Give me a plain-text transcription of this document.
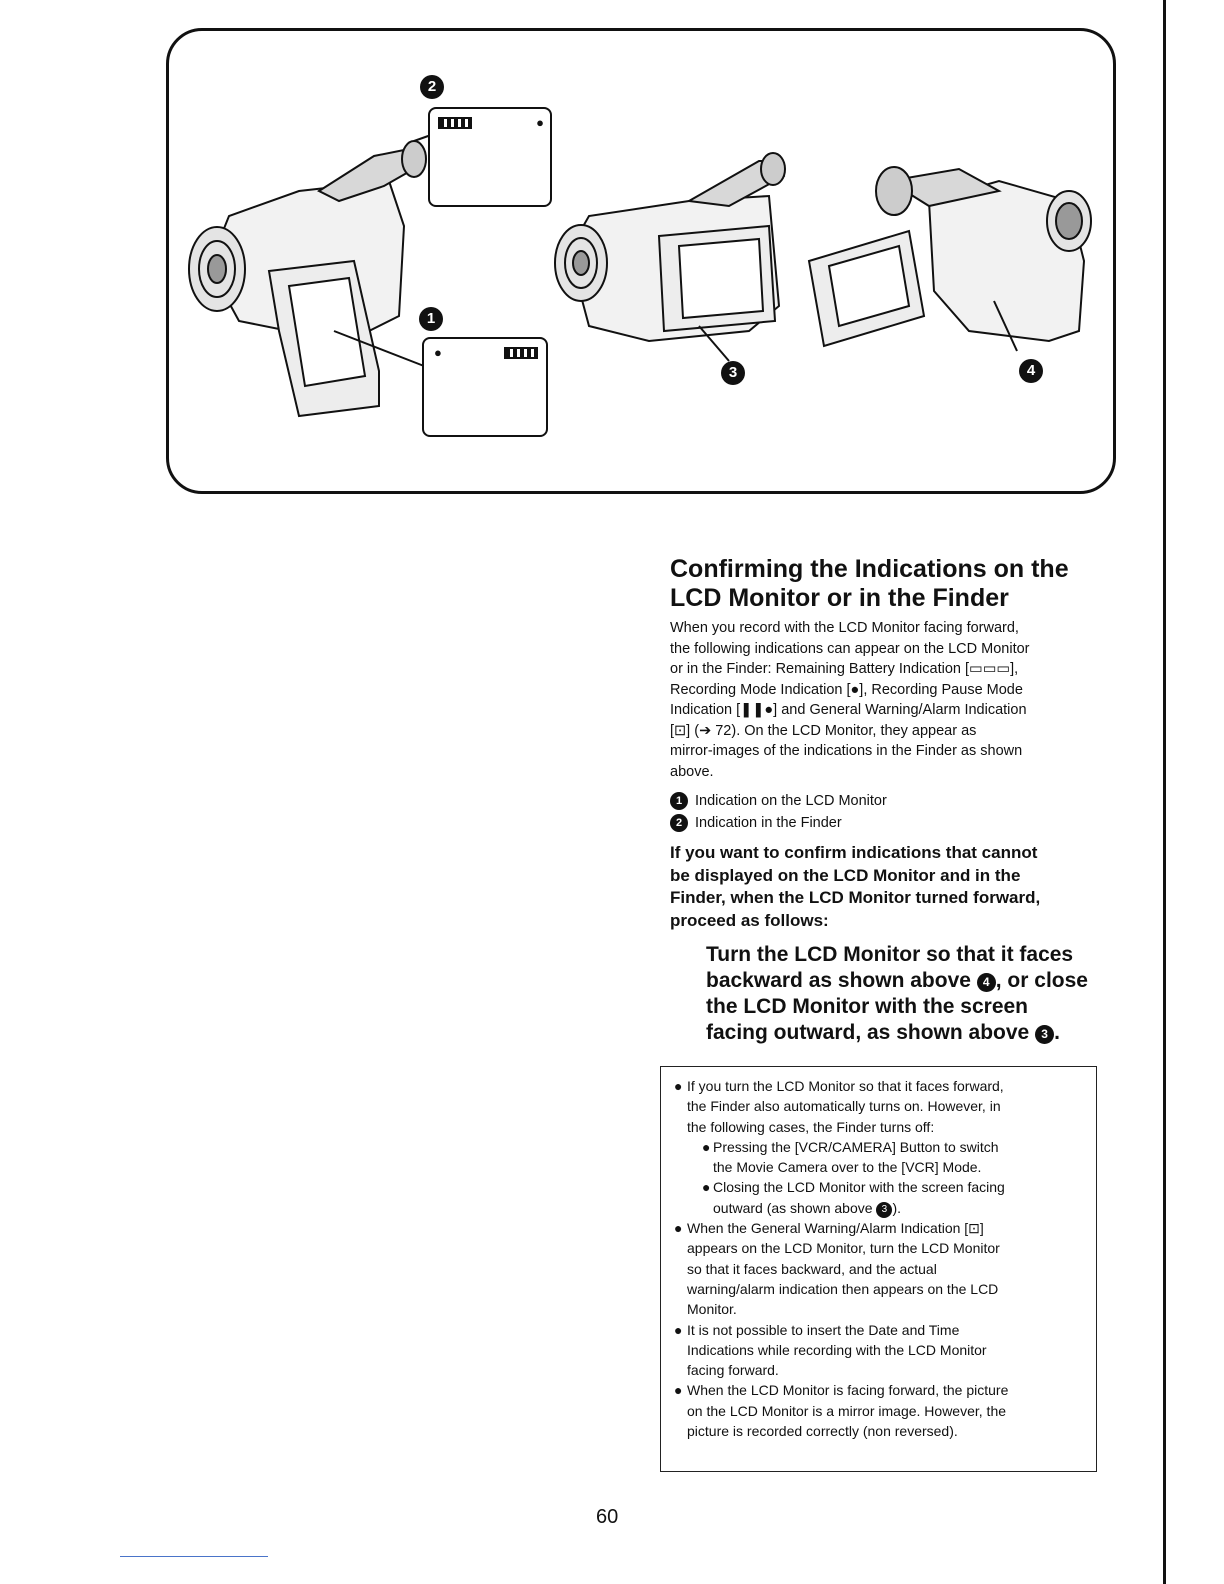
●
●
2
1
3	4
Confirming the Indications on the LCD Monitor or in the Finder
When you record with the LCD Monitor facing forward,
the following indications can appear on the LCD Monitor
or in the Finder: Remaining Battery Indication [▭▭▭],
Recording Mode Indication [●], Recording Pause Mode
Indication [❚❚●] and General Warning/Alarm Indication
[⊡] (➔ 72). On the LCD Monitor, they appear as
mirror-images of the indications in the Finder as shown
above.
1 Indication on the LCD Monitor
2 Indication in the Finder
If you want to confirm indications that cannot
be displayed on the LCD Monitor and in the
Finder, when the LCD Monitor turned forward,
proceed as follows:
Turn the LCD Monitor so that it faces
backward as shown above 4 , or close
the LCD Monitor with the screen
facing outward, as shown above 3 .
● If you turn the LCD Monitor so that it faces forward,
the Finder also automatically turns on. However, in
the following cases, the Finder turns off:
● Pressing the [VCR/CAMERA] Button to switch
the Movie Camera over to the [VCR] Mode.
● Closing the LCD Monitor with the screen facing
outward (as shown above 3 ).
● When the General Warning/Alarm Indication [⊡]
appears on the LCD Monitor, turn the LCD Monitor
so that it faces backward, and the actual
warning/alarm indication then appears on the LCD
Monitor.
● It is not possible to insert the Date and Time
Indications while recording with the LCD Monitor
facing forward.
● When the LCD Monitor is facing forward, the picture
on the LCD Monitor is a mirror image. However, the
picture is recorded correctly (non reversed).
60
